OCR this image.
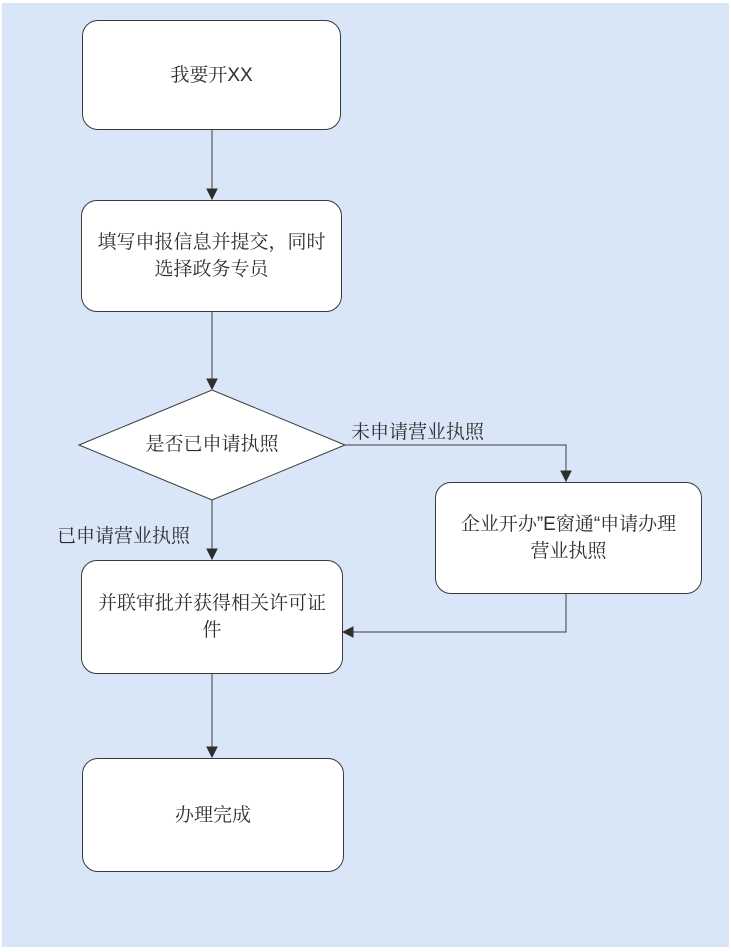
我要开XX
填写申报信息并提交，同时
选择政务专员
企业开办”E窗通“申请办理
营业执照
并联审批并获得相关许可证
件
办理完成
是否已申请执照
未申请营业执照
已申请营业执照
